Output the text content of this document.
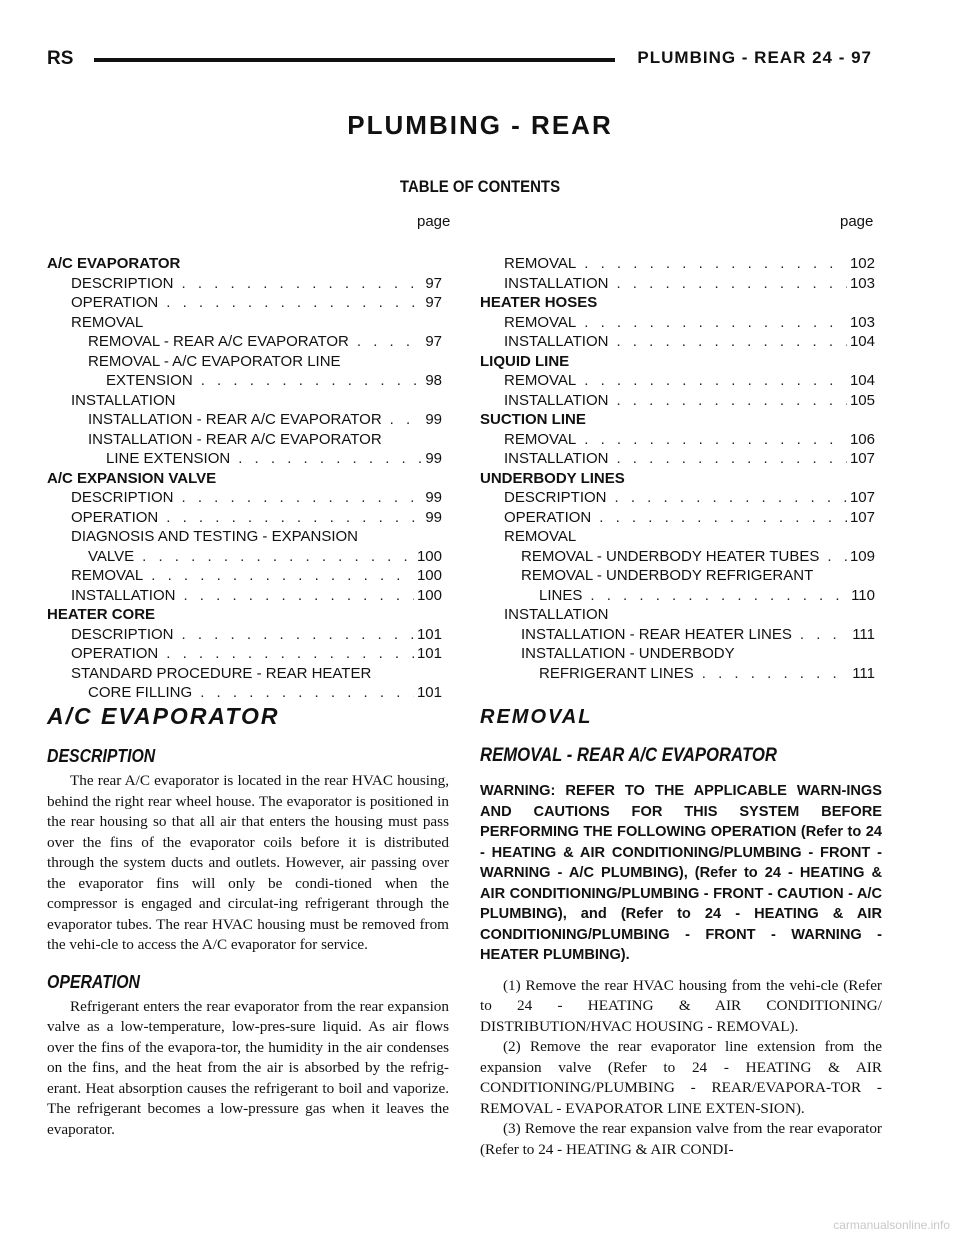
RS	PLUMBING - REAR 24 - 97
PLUMBING - REAR
TABLE OF CONTENTS
page	page
A/C EVAPORATOR
DESCRIPTION . . .	97
OPERATION . . .	97
REMOVAL
REMOVAL - REAR A/C EVAPORATOR . . .	97
REMOVAL - A/C EVAPORATOR LINE
EXTENSION . . .	98
INSTALLATION
INSTALLATION - REAR A/C EVAPORATOR . . .	99
INSTALLATION - REAR A/C EVAPORATOR
LINE EXTENSION . . .	99
A/C EXPANSION VALVE
DESCRIPTION . . .	99
OPERATION . . .	99
DIAGNOSIS AND TESTING - EXPANSION
VALVE . . .	100
REMOVAL . . .	100
INSTALLATION . . .	100
HEATER CORE
DESCRIPTION . . .	101
OPERATION . . .	101
STANDARD PROCEDURE - REAR HEATER
CORE FILLING . . .	101
REMOVAL . . .	102
INSTALLATION . . .	103
HEATER HOSES
REMOVAL . . .	103
INSTALLATION . . .	104
LIQUID LINE
REMOVAL . . .	104
INSTALLATION . . .	105
SUCTION LINE
REMOVAL . . .	106
INSTALLATION . . .	107
UNDERBODY LINES
DESCRIPTION . . .	107
OPERATION . . .	107
REMOVAL
REMOVAL - UNDERBODY HEATER TUBES . . . 109
REMOVAL - UNDERBODY REFRIGERANT
LINES . . .	110
INSTALLATION
INSTALLATION - REAR HEATER LINES . . .	111
INSTALLATION - UNDERBODY
REFRIGERANT LINES . . .	111
A/C EVAPORATOR
DESCRIPTION

The rear A/C evaporator is located in the rear HVAC housing, behind the right rear wheel house. The evaporator is positioned in the rear housing so that all air that enters the housing must pass over the fins of the evaporator coils before it is distributed through the system ducts and outlets. However, air passing over the evaporator fins will only be condi-tioned when the compressor is engaged and circulat-ing refrigerant through the evaporator tubes. The rear HVAC housing must be removed from the vehi-cle to access the A/C evaporator for service.

OPERATION

Refrigerant enters the rear evaporator from the rear expansion valve as a low-temperature, low-pres-sure liquid. As air flows over the fins of the evapora-tor, the humidity in the air condenses on the fins, and the heat from the air is absorbed by the refrig-erant. Heat absorption causes the refrigerant to boil and vaporize. The refrigerant becomes a low-pressure gas when it leaves the evaporator.

REMOVAL
REMOVAL - REAR A/C EVAPORATOR

WARNING: REFER TO THE APPLICABLE WARN-INGS AND CAUTIONS FOR THIS SYSTEM BEFORE PERFORMING THE FOLLOWING OPERATION (Refer to 24 - HEATING & AIR CONDITIONING/PLUMBING - FRONT - WARNING - A/C PLUMBING), (Refer to 24 - HEATING & AIR CONDITIONING/PLUMBING - FRONT - CAUTION - A/C PLUMBING), and (Refer to 24 - HEATING & AIR CONDITIONING/PLUMBING - FRONT - WARNING - HEATER PLUMBING).

(1) Remove the rear HVAC housing from the vehi-cle (Refer to 24 - HEATING & AIR CONDITIONING/ DISTRIBUTION/HVAC HOUSING - REMOVAL).

(2) Remove the rear evaporator line extension from the expansion valve (Refer to 24 - HEATING & AIR CONDITIONING/PLUMBING - REAR/EVAPORA-TOR - REMOVAL - EVAPORATOR LINE EXTEN-SION).

(3) Remove the rear expansion valve from the rear evaporator (Refer to 24 - HEATING & AIR CONDI-

carmanualsonline.info
